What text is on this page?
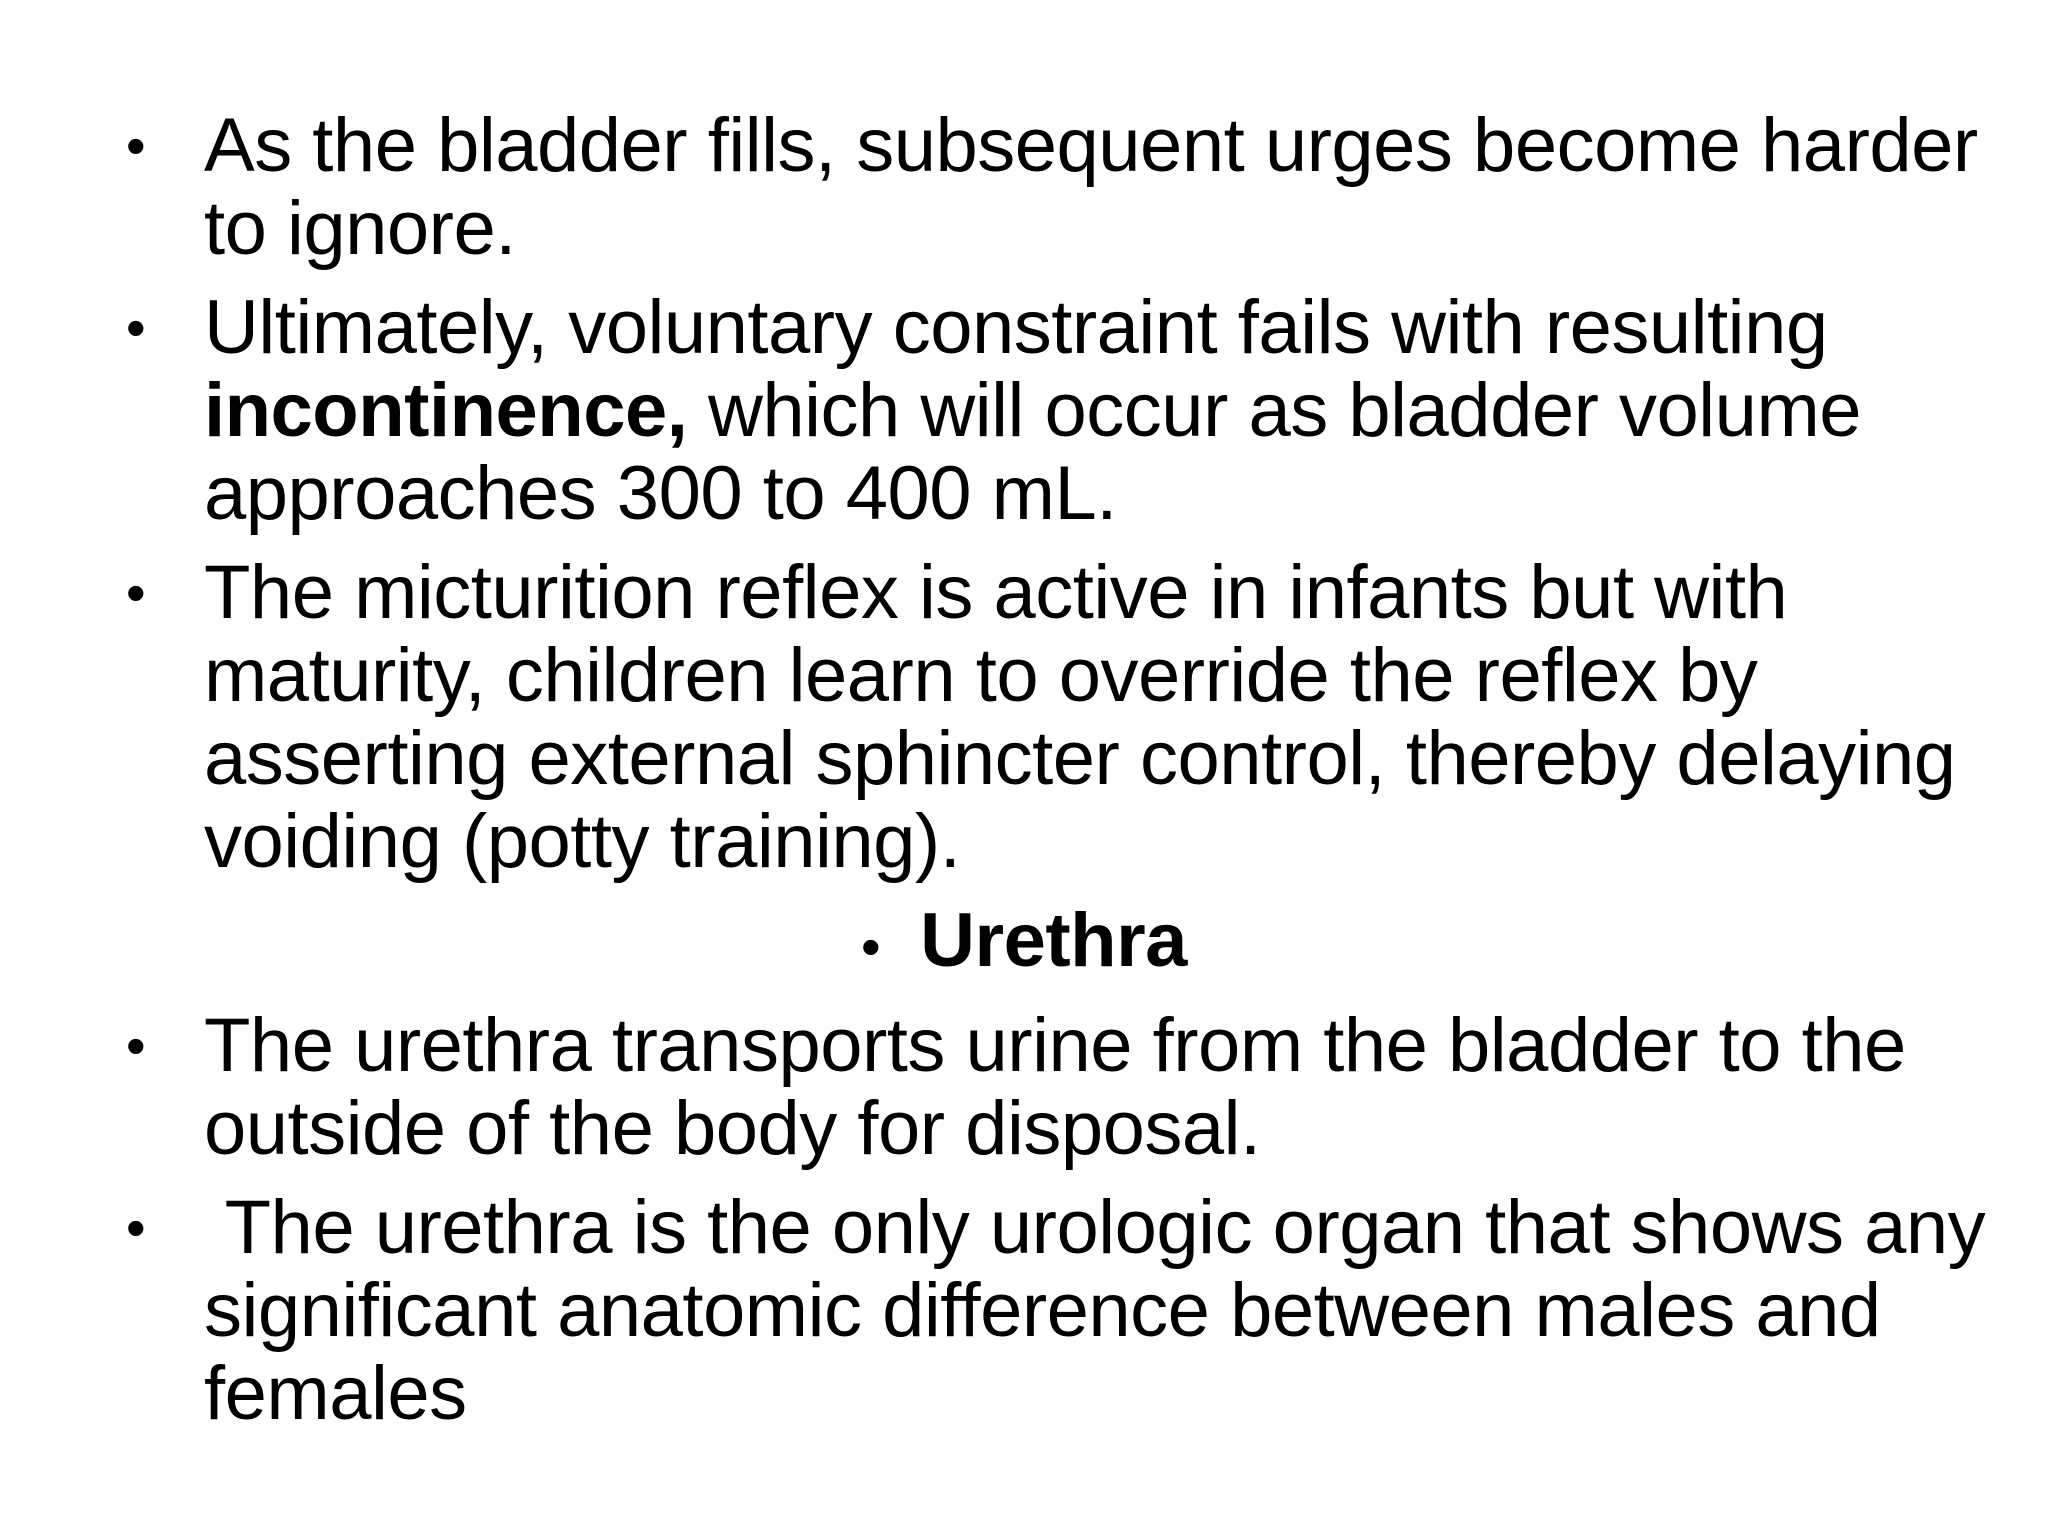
• As the bladder fills, subsequent urges become harder to ignore.
• Ultimately, voluntary constraint fails with resulting incontinence, which will occur as bladder volume approaches 300 to 400 mL.
• The micturition reflex is active in infants but with maturity, children learn to override the reflex by asserting external sphincter control, thereby delaying voiding (potty training).
• Urethra
• The urethra transports urine from the bladder to the outside of the body for disposal.
• The urethra is the only urologic organ that shows any significant anatomic difference between males and females
